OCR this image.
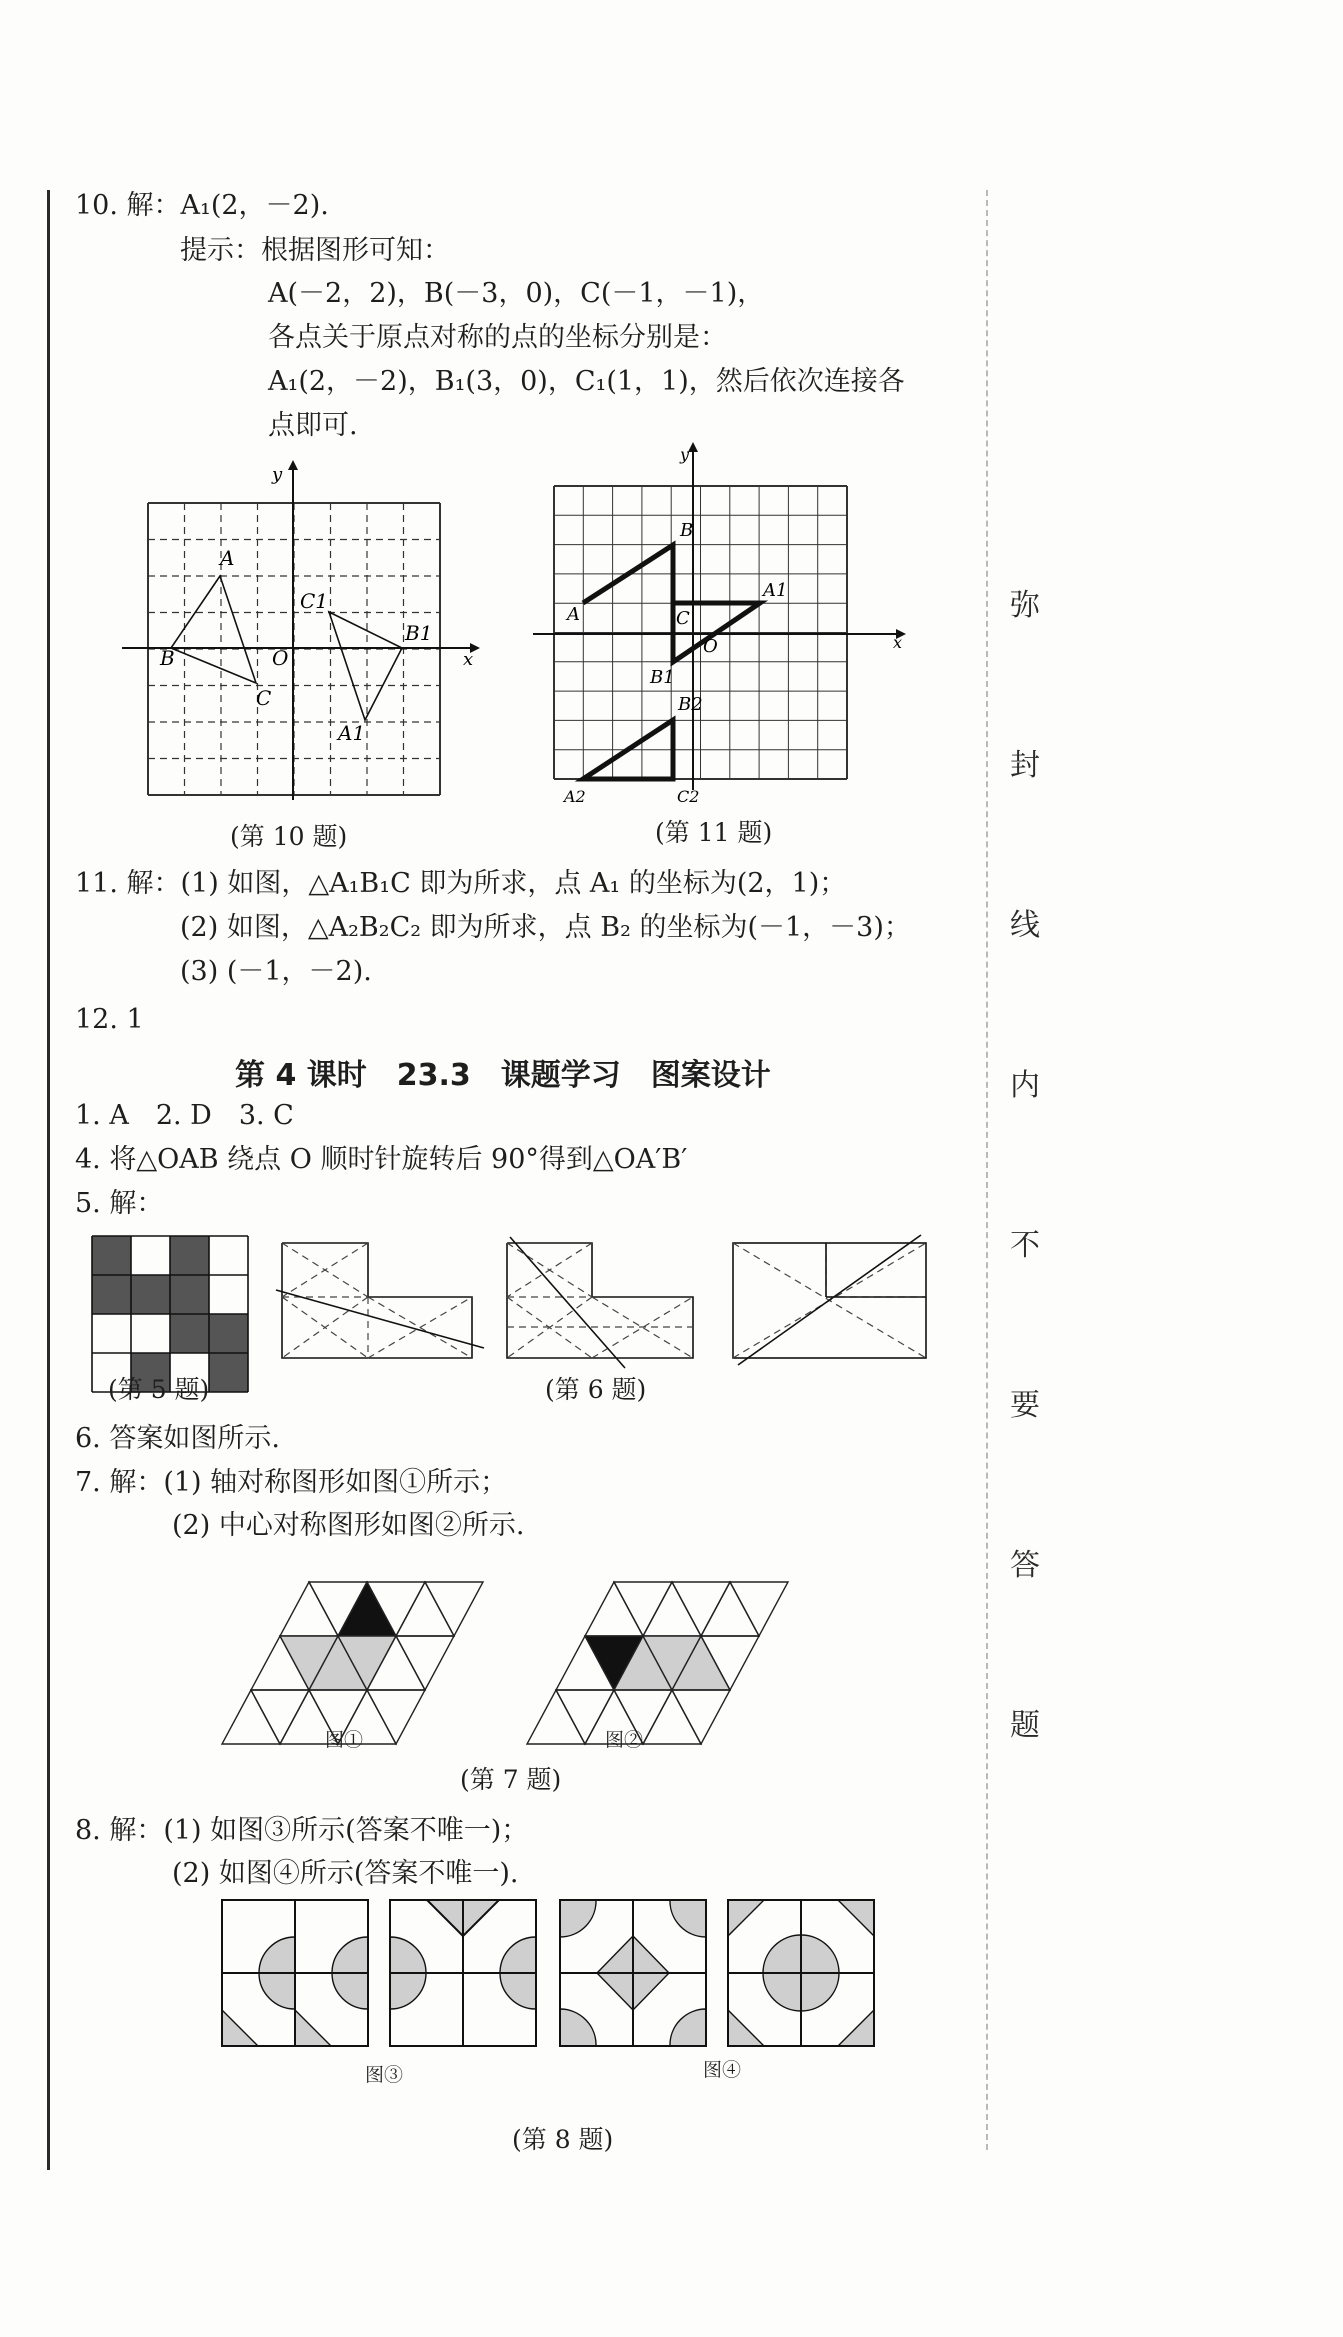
弥
封
线
内
不
要
答
题
10. 解：A₁(2，－2).
提示：根据图形可知：
A(－2，2)，B(－3，0)，C(－1，－1)，
各点关于原点对称的点的坐标分别是：
A₁(2，－2)，B₁(3，0)，C₁(1，1)，然后依次连接各
点即可.
A
B
C
O
C1
B1
A1
x
y
B
A	C
O
A1
B1
B2
A2	C2
x
y
(第 10 题)	(第 11 题)
11. 解：(1) 如图，△A₁B₁C 即为所求，点 A₁ 的坐标为(2，1)；
(2) 如图，△A₂B₂C₂ 即为所求，点 B₂ 的坐标为(－1，－3)；
(3) (－1，－2).
12. 1
第 4 课时　23.3　课题学习　图案设计
1. A　2. D　3. C
4. 将△OAB 绕点 O 顺时针旋转后 90°得到△OA′B′
5. 解：
(第 5 题)	(第 6 题)
6. 答案如图所示.
7. 解：(1) 轴对称图形如图①所示；
(2) 中心对称图形如图②所示.
图①	图②
(第 7 题)
8. 解：(1) 如图③所示(答案不唯一)；
(2) 如图④所示(答案不唯一).
图③	图④
(第 8 题)
